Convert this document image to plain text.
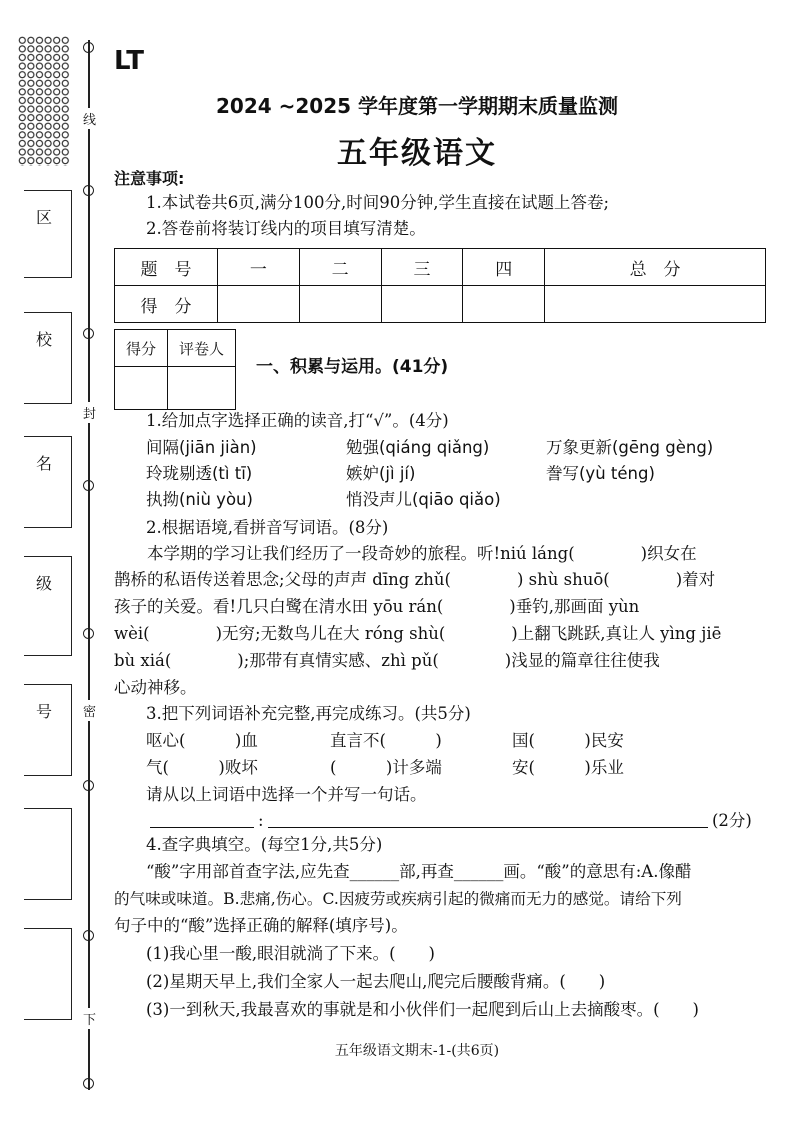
线
封
密
下
区
校
名
级
号
LT
2024 ~2025 学年度第一学期期末质量监测
五年级语文
注意事项:
1.本试卷共6页,满分100分,时间90分钟,学生直接在试题上答卷;
2.答卷前将装订线内的项目填写清楚。
题　号	一	二	三	四	总　分
得　分					
得分	评卷人

一、积累与运用。(41分)
1.给加点字选择正确的读音,打“√”。(4分)
间隔(jiān jiàn)	勉强(qiáng qiǎng)	万象更新(gēng gèng)
玲珑剔透(tì tī)	嫉妒(jì jí)	誊写(yù téng)
执拗(niù yòu)	悄没声儿(qiāo qiǎo)
2.根据语境,看拼音写词语。(8分)
　　本学期的学习让我们经历了一段奇妙的旅程。听!niú láng(　　　　)织女在
鹊桥的私语传送着思念;父母的声声 dīng zhǔ(　　　　) shù shuō(　　　　)着对
孩子的关爱。看!几只白鹭在清水田 yōu rán(　　　　)垂钓,那画面 yùn
wèi(　　　　)无穷;无数鸟儿在大 róng shù(　　　　)上翻飞跳跃,真让人 yìng jiē
bù xiá(　　　　);那带有真情实感、zhì pǔ(　　　　)浅显的篇章往往使我
心动神移。
3.把下列词语补充完整,再完成练习。(共5分)
呕心(　　　)血	直言不(　　　)	国(　　　)民安
气(　　　)败坏	(　　　)计多端	安(　　　)乐业
请从以上词语中选择一个并写一句话。
:	(2分)
4.查字典填空。(每空1分,共5分)
“酸”字用部首查字法,应先查______部,再查______画。“酸”的意思有:A.像醋
的气味或味道。B.悲痛,伤心。C.因疲劳或疾病引起的微痛而无力的感觉。请给下列
句子中的“酸”选择正确的解释(填序号)。
(1)我心里一酸,眼泪就淌了下来。(　　)
(2)星期天早上,我们全家人一起去爬山,爬完后腰酸背痛。(　　)
(3)一到秋天,我最喜欢的事就是和小伙伴们一起爬到后山上去摘酸枣。(　　)
五年级语文期末-1-(共6页)
